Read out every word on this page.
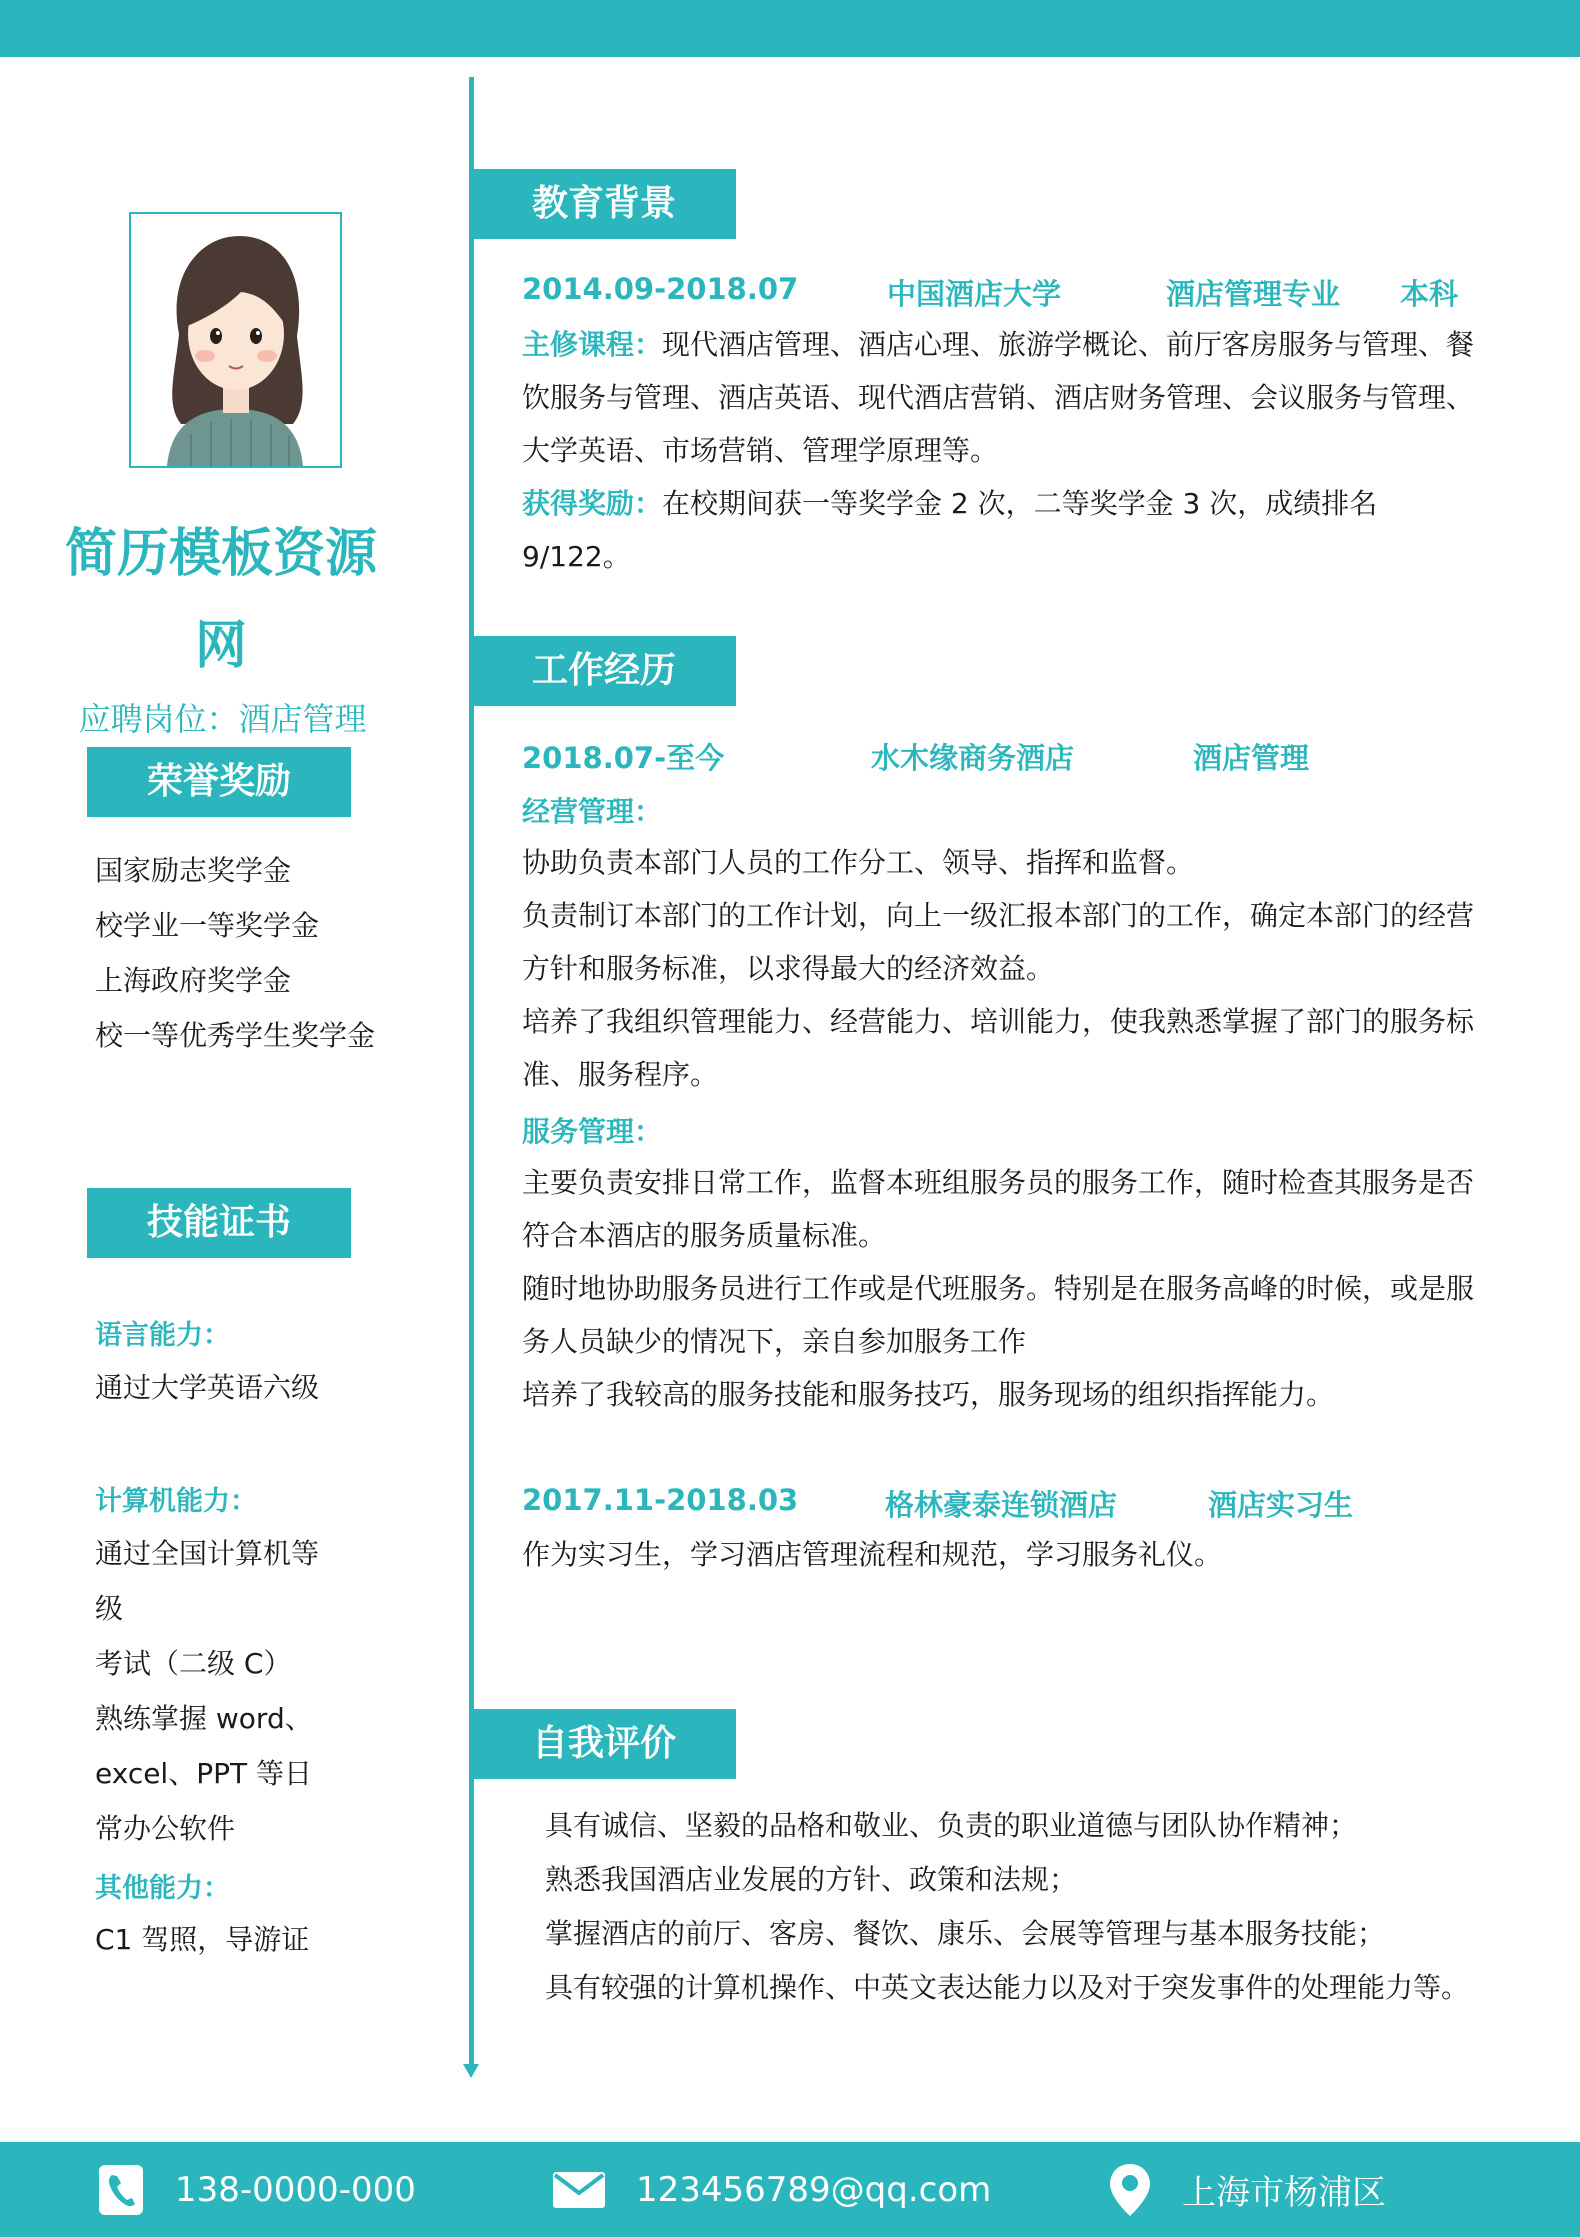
简历模板资源网
应聘岗位：酒店管理
荣誉奖励
国家励志奖学金
校学业一等奖学金
上海政府奖学金
校一等优秀学生奖学金
技能证书
语言能力：
通过大学英语六级
计算机能力：
通过全国计算机等级
考试（二级 C）
熟练掌握 word、
excel、PPT 等日
常办公软件
其他能力：
C1 驾照，导游证
教育背景
2014.09-2018.07	中国酒店大学	酒店管理专业 本科
主修课程：现代酒店管理、酒店心理、旅游学概论、前厅客房服务与管理、餐
饮服务与管理、酒店英语、现代酒店营销、酒店财务管理、会议服务与管理、
大学英语、市场营销、管理学原理等。
获得奖励：在校期间获一等奖学金 2 次，二等奖学金 3 次，成绩排名 9/122。
工作经历
2018.07-至今	水木缘商务酒店	酒店管理
经营管理：
协助负责本部门人员的工作分工、领导、指挥和监督。
负责制订本部门的工作计划，向上一级汇报本部门的工作，确定本部门的经营
方针和服务标准，以求得最大的经济效益。
培养了我组织管理能力、经营能力、培训能力，使我熟悉掌握了部门的服务标
准、服务程序。
服务管理：
主要负责安排日常工作，监督本班组服务员的服务工作，随时检查其服务是否
符合本酒店的服务质量标准。
随时地协助服务员进行工作或是代班服务。特别是在服务高峰的时候，或是服
务人员缺少的情况下，亲自参加服务工作
培养了我较高的服务技能和服务技巧，服务现场的组织指挥能力。
2017.11-2018.03	格林豪泰连锁酒店	酒店实习生
作为实习生，学习酒店管理流程和规范，学习服务礼仪。
自我评价
具有诚信、坚毅的品格和敬业、负责的职业道德与团队协作精神；
熟悉我国酒店业发展的方针、政策和法规；
掌握酒店的前厅、客房、餐饮、康乐、会展等管理与基本服务技能；
具有较强的计算机操作、中英文表达能力以及对于突发事件的处理能力等。
138-0000-000	123456789@qq.com	上海市杨浦区
